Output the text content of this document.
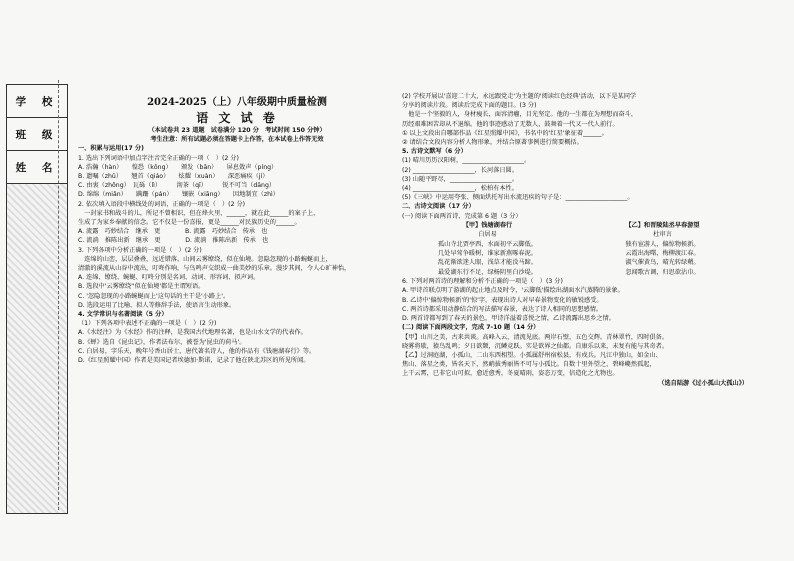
学 校
班 级
姓 名
2024-2025（上）八年级期中质量检测
语 文 试 卷
（本试卷共 23 道题　试卷满分 120 分　考试时间 150 分钟）
考生注意：所有试题必须在答题卡上作答，在本试卷上作答无效
一、积累与运用(17 分)
1. 选出下列词语中加点字注音完全正确的一项（　）(2 分)
A. 浩瀚（hàn）　　惶恐（kǒng）　　颁发（bān）　　屏息敛声（píng）
B. 遗嘱（zhǔ）　　翘首（qiáo）　　炫耀（xuàn）　　深恶痛疾（jí）
C. 由衷（zhōng）　瓦砾（lì）　　　沏茶（qī）　　　锐不可当（dāng）
D. 绵绵（miǎn）　　蹒跚（pán）　　镶嵌（xiāng）　　因地制宜（zhì）
2. 依次填入语段中横线处的词语，正确的一项是（　）(2 分)
　一封家书和战斗的儿，所记不曾相识，但在烽火里，______，就在此______的案子上，
生成了为家乡奉献的信念。它不仅是一份喜报，更是______对民族历史的______。
A. 流露　巧妙结合　继承　更　　　　B. 流露　巧妙结合　传承　也
C. 流淌　推陈出新　继承　更　　　　D. 流淌　推陈出新　传承　也
3. 下列各项中分析正确的一项是（　）(2 分)
　连绵的山峦，层层叠叠，远近错落。山间云雾缭绕，似在仙境。忽隐忽现的小路蜿蜒而上，
清澈的溪流从山谷中流出，叮咚作响，与鸟鸣声交织成一曲美妙的乐章。漫步其间，令人心旷神怡，
A. 连绵、缭绕、蜿蜒、叮咚分别是名词、动词、形容词、拟声词。
B. 选段中'云雾缭绕''似在仙境'都是主谓短语。
C. '忽隐忽现的小路蜿蜒而上'这句话的主干是'小路上'。
D. 选段运用了比喻、拟人等修辞手法，使语言生动形象。
4. 文学常识与名著阅读（5 分）
（1）下列各项中表述不正确的一项是（　）(2 分)
A.《水经注》为《水经》作的注释，是我国古代地理名著，也是山水文学的代表作。
B.《蝉》选自《昆虫记》，作者法布尔，被誉为'昆虫的荷马'。
C. 白居易，字乐天，晚年号香山居士，唐代著名诗人，他的作品有《钱塘湖春行》等。
D.《红星照耀中国》作者是美国记者埃德加·斯诺，记录了他在陕北苏区的所见所闻。
(2) 学校开展以'喜迎二十大，永远跟党走'为主题的'阅读红色经典'活动，以下是某同学
分享的阅读片段。阅读后完成下面的题目。(3 分)
　他是一个坚毅的人，身材瘦长，面容清癯，目光坚定。他的一生都在为理想而奋斗，
历经艰难困苦却从不退缩。他的事迹感动了无数人，鼓舞着一代又一代人前行。
① 以上文段出自哪部作品《红星照耀中国》，书名中的'红星'象征着______。
② 请结合文段内容分析人物形象，并结合原著事例进行简要概括。
5. 古诗文默写（6 分）
(1) 晴川历历汉阳树，____________________。
(2) ____________________，长河落日圆。
(3) 山随平野尽，____________________。
(4) ____________________，松柏有本性。
(5)《三峡》中运用夸张、侧面烘托写出水流迅疾的句子是：____________________。
二、古诗文阅读（17 分）
(一) 阅读下面两首诗，完成第 6 题（3 分）
【甲】钱塘湖春行
白居易
孤山寺北贾亭西，水面初平云脚低。
几处早莺争暖树，谁家新燕啄春泥。
乱花渐欲迷人眼，浅草才能没马蹄。
最爱湖东行不足，绿杨阴里白沙堤。
【乙】和晋陵陆丞早春游望
杜审言
独有宦游人，偏惊物候新。
云霞出海曙，梅柳渡江春。
淑气催黄鸟，晴光转绿蘋。
忽闻歌古调，归思欲沾巾。
6. 下列对两首诗的理解和分析不正确的一项是（　）(3 分)
A. 甲诗首联点明了游湖的起止地点及时令，'云脚低'描绘出湖面水汽蒸腾的景象。
B. 乙诗中'偏惊物候新'的'惊'字，表现出诗人对早春景物变化的敏锐感受。
C. 两首诗都采用动静结合的写法描写春景，表达了诗人相同的思想感情。
D. 两首诗都写到了春天的景色，甲诗洋溢着喜悦之情，乙诗流露出思乡之情。
(二) 阅读下面两段文字，完成 7-10 题（14 分）
【甲】山川之美，古来共谈。高峰入云，清流见底。两岸石壁，五色交辉。青林翠竹，四时俱备。
晓雾将歇，猿鸟乱鸣；夕日欲颓，沉鳞竞跃。实是欲界之仙都。自康乐以来，未复有能与其奇者。
【乙】过洞庭湖，小孤山，二山东西相望。小孤属舒州宿松县，有戍兵。凡江中独山，如金山、
焦山、落星之类，皆名天下，然峭拔秀丽皆不可与小孤比。自数十里外望之，碧峰巉然孤起，
上干云霄，已非它山可拟，愈近愈秀，冬夏晴雨，姿态万变，信造化之尤物也。
（选自陆游《过小孤山大孤山》）
